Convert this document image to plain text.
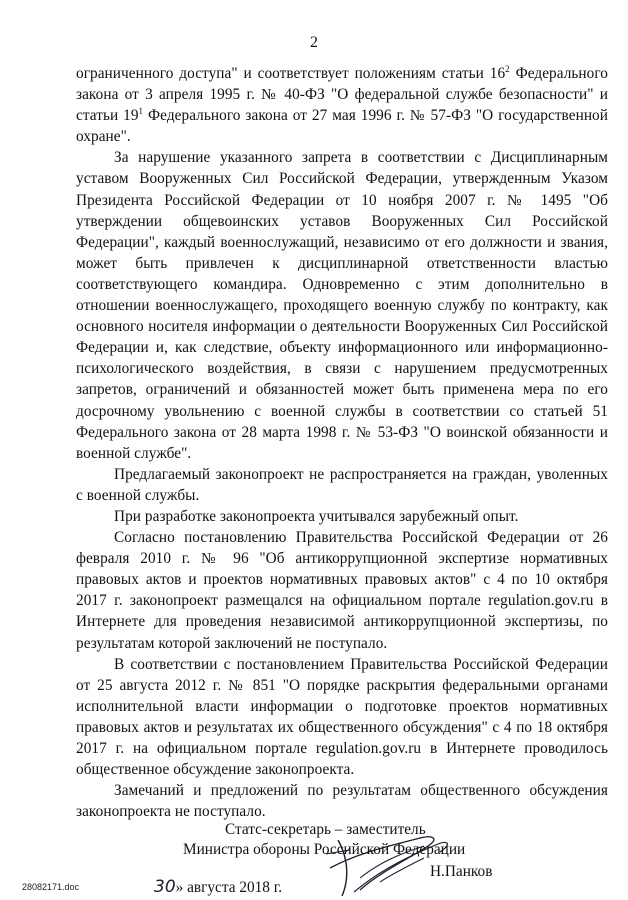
2

ограниченного доступа" и соответствует положениям статьи $16^2$ Федерального закона от 3 апреля 1995 г. № 40-ФЗ "О федеральной службе безопасности" и статьи $19^1$ Федерального закона от 27 мая 1996 г. № 57-ФЗ "О государственной охране".

За нарушение указанного запрета в соответствии с Дисциплинарным уставом Вооруженных Сил Российской Федерации, утвержденным Указом Президента Российской Федерации от 10 ноября 2007 г. № 1495 "Об утверждении общевоинских уставов Вооруженных Сил Российской Федерации", каждый военнослужащий, независимо от его должности и звания, может быть привлечен к дисциплинарной ответственности властью соответствующего командира. Одновременно с этим дополнительно в отношении военнослужащего, проходящего военную службу по контракту, как основного носителя информации о деятельности Вооруженных Сил Российской Федерации и, как следствие, объекту информационного или информационно-психологического воздействия, в связи с нарушением предусмотренных запретов, ограничений и обязанностей может быть применена мера по его досрочному увольнению с военной службы в соответствии со статьей 51 Федерального закона от 28 марта 1998 г. № 53-ФЗ "О воинской обязанности и военной службе".

Предлагаемый законопроект не распространяется на граждан, уволенных с военной службы.

При разработке законопроекта учитывался зарубежный опыт.

Согласно постановлению Правительства Российской Федерации от 26 февраля 2010 г. № 96 "Об антикоррупционной экспертизе нормативных правовых актов и проектов нормативных правовых актов" с 4 по 10 октября 2017 г. законопроект размещался на официальном портале regulation.gov.ru в Интернете для проведения независимой антикоррупционной экспертизы, по результатам которой заключений не поступало.

В соответствии с постановлением Правительства Российской Федерации от 25 августа 2012 г. № 851 "О порядке раскрытия федеральными органами исполнительной власти информации о подготовке проектов нормативных правовых актов и результатах их общественного обсуждения" с 4 по 18 октября 2017 г. на официальном портале regulation.gov.ru в Интернете проводилось общественное обсуждение законопроекта.

Замечаний и предложений по результатам общественного обсуждения законопроекта не поступало.

Статс-секретарь – заместитель
Министра обороны Российской Федерации
Н.Панков
30» августа 2018 г.
28082171.doc
